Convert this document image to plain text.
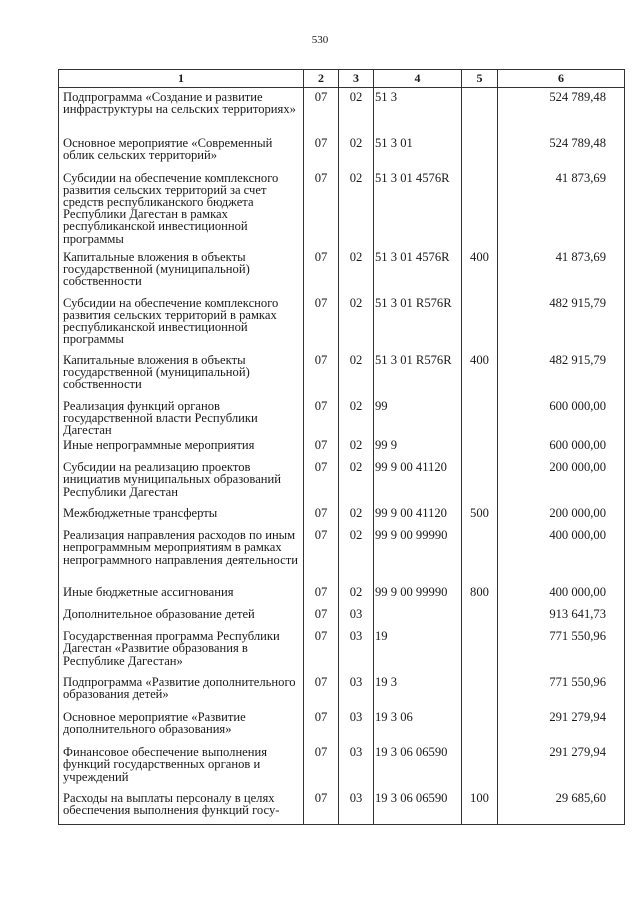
530
1	2	3	4	5	6
Подпрограмма «Создание и развитие инфраструктуры на сельских территориях»	07	02	51 3		524 789,48
Основное мероприятие «Современный облик сельских территорий»	07	02	51 3 01		524 789,48
Субсидии на обеспечение комплексного развития сельских территорий за счет средств республиканского бюджета Республики Дагестан в рамках республиканской инвестиционной программы	07	02	51 3 01 4576R		41 873,69
Капитальные вложения в объекты государственной (муниципальной) собственности	07	02	51 3 01 4576R	400	41 873,69
Субсидии на обеспечение комплексного развития сельских территорий в рамках республиканской инвестиционной программы	07	02	51 3 01 R576R		482 915,79
Капитальные вложения в объекты государственной (муниципальной) собственности	07	02	51 3 01 R576R	400	482 915,79
Реализация функций органов государственной власти Республики Дагестан	07	02	99		600 000,00
Иные непрограммные мероприятия	07	02	99 9		600 000,00
Субсидии на реализацию проектов инициатив муниципальных образований Республики Дагестан	07	02	99 9 00 41120		200 000,00
Межбюджетные трансферты	07	02	99 9 00 41120	500	200 000,00
Реализация направления расходов по иным непрограммным мероприятиям в рамках непрограммного направления деятельности	07	02	99 9 00 99990		400 000,00
Иные бюджетные ассигнования	07	02	99 9 00 99990	800	400 000,00
Дополнительное образование детей	07	03			913 641,73
Государственная программа Республики Дагестан «Развитие образования в Республике Дагестан»	07	03	19		771 550,96
Подпрограмма «Развитие дополнительного образования детей»	07	03	19 3		771 550,96
Основное мероприятие «Развитие дополнительного образования»	07	03	19 3 06		291 279,94
Финансовое обеспечение выполнения функций государственных органов и учреждений	07	03	19 3 06 06590		291 279,94
Расходы на выплаты персоналу в целях обеспечения выполнения функций госу-	07	03	19 3 06 06590	100	29 685,60
